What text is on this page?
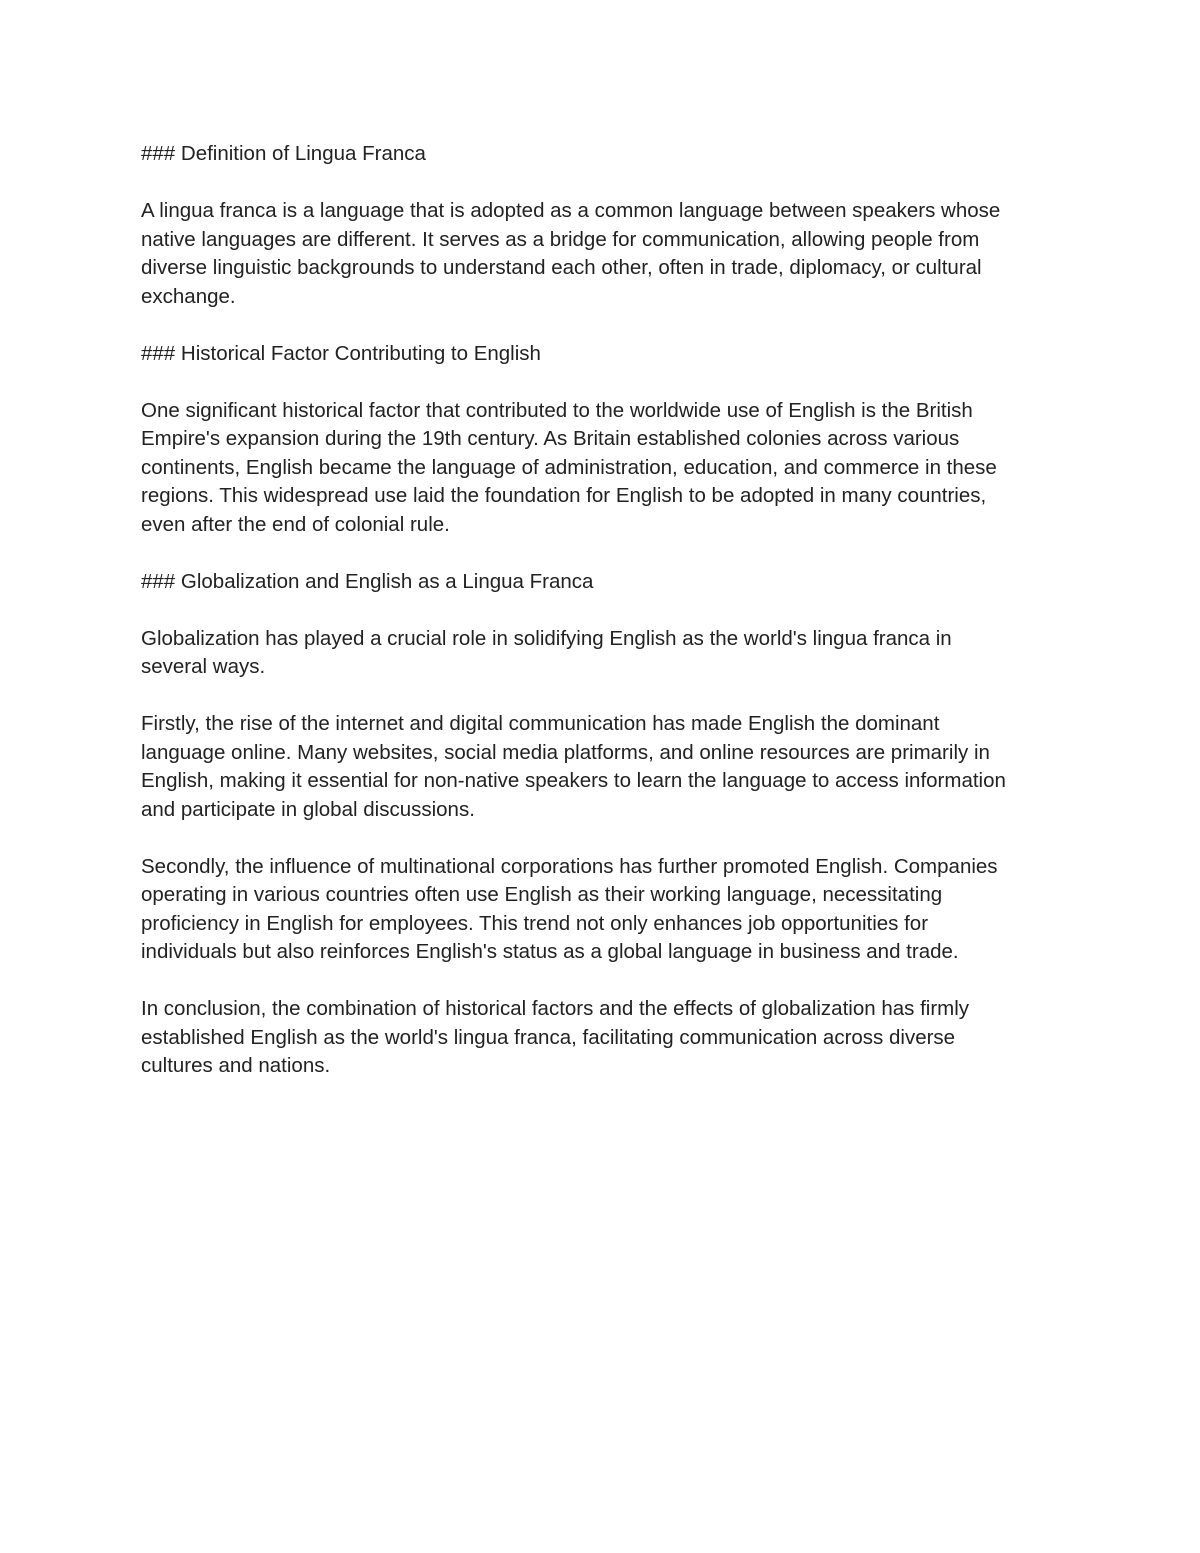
### Definition of Lingua Franca
A lingua franca is a language that is adopted as a common language between speakers whose
native languages are different. It serves as a bridge for communication, allowing people from
diverse linguistic backgrounds to understand each other, often in trade, diplomacy, or cultural
exchange.
### Historical Factor Contributing to English
One significant historical factor that contributed to the worldwide use of English is the British
Empire's expansion during the 19th century. As Britain established colonies across various
continents, English became the language of administration, education, and commerce in these
regions. This widespread use laid the foundation for English to be adopted in many countries,
even after the end of colonial rule.
### Globalization and English as a Lingua Franca
Globalization has played a crucial role in solidifying English as the world's lingua franca in
several ways.
Firstly, the rise of the internet and digital communication has made English the dominant
language online. Many websites, social media platforms, and online resources are primarily in
English, making it essential for non-native speakers to learn the language to access information
and participate in global discussions.
Secondly, the influence of multinational corporations has further promoted English. Companies
operating in various countries often use English as their working language, necessitating
proficiency in English for employees. This trend not only enhances job opportunities for
individuals but also reinforces English's status as a global language in business and trade.
In conclusion, the combination of historical factors and the effects of globalization has firmly
established English as the world's lingua franca, facilitating communication across diverse
cultures and nations.
